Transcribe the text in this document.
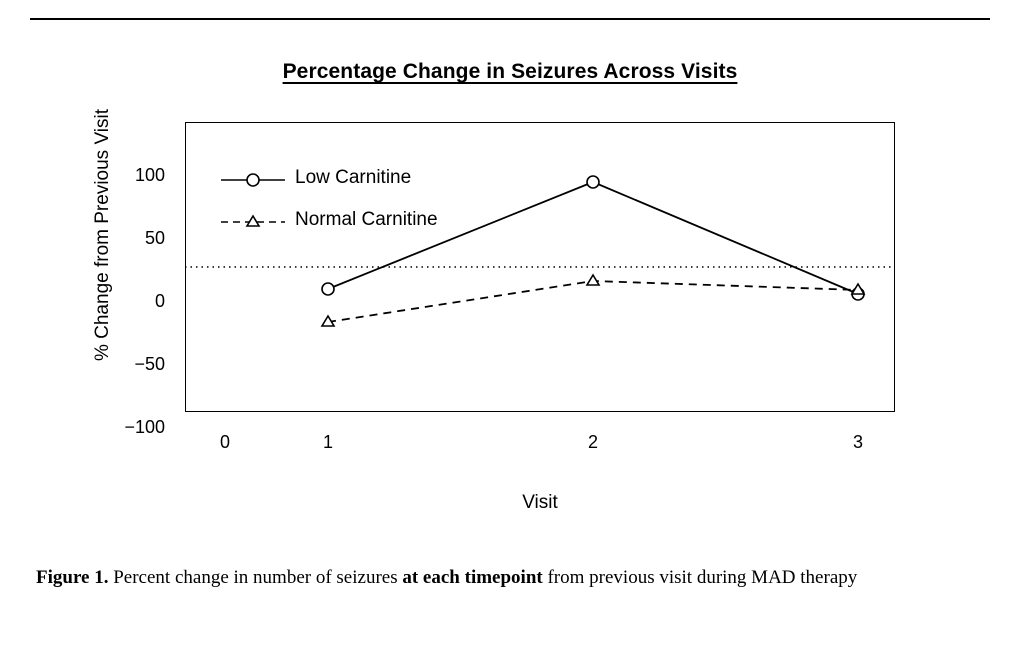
Percentage Change in Seizures Across Visits
% Change from Previous Visit	100
50
0
−50
−100
Low Carnitine
Normal Carnitine
0	1	2	3
Visit
Figure 1. Percent change in number of seizures at each timepoint from previous visit during MAD therapy
